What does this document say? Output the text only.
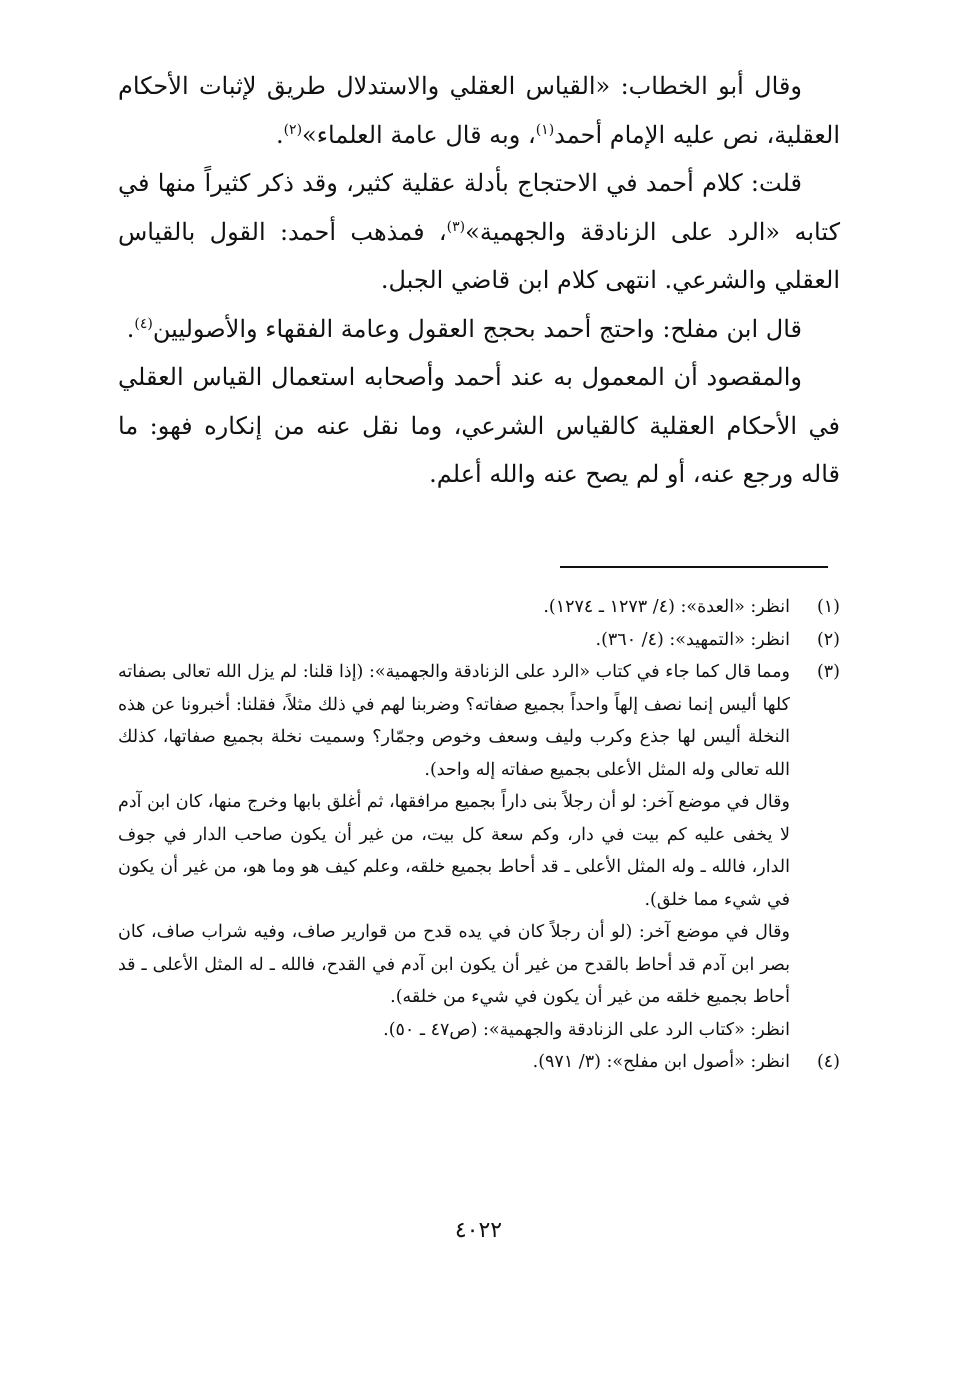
وقال أبو الخطاب: «القياس العقلي والاستدلال طريق لإثبات الأحكام العقلية، نص عليه الإمام أحمد$^{(١)}$، وبه قال عامة العلماء»$^{(٢)}$.

قلت: كلام أحمد في الاحتجاج بأدلة عقلية كثير، وقد ذكر كثيراً منها في كتابه «الرد على الزنادقة والجهمية»$^{(٣)}$، فمذهب أحمد: القول بالقياس العقلي والشرعي. انتهى كلام ابن قاضي الجبل.

قال ابن مفلح: واحتج أحمد بحجج العقول وعامة الفقهاء والأصوليين$^{(٤)}$.

والمقصود أن المعمول به عند أحمد وأصحابه استعمال القياس العقلي في الأحكام العقلية كالقياس الشرعي، وما نقل عنه من إنكاره فهو: ما قاله ورجع عنه، أو لم يصح عنه والله أعلم.

(١)

انظر: «العدة»: (٤/ ١٢٧٣ ـ ١٢٧٤).

(٢)

انظر: «التمهيد»: (٤/ ٣٦٠).

(٣)

ومما قال كما جاء في كتاب «الرد على الزنادقة والجهمية»: (إذا قلنا: لم يزل الله تعالى بصفاته كلها أليس إنما نصف إلهاً واحداً بجميع صفاته؟ وضربنا لهم في ذلك مثلاً، فقلنا: أخبرونا عن هذه النخلة أليس لها جذع وكرب وليف وسعف وخوص وجمّار؟ وسميت نخلة بجميع صفاتها، كذلك الله تعالى وله المثل الأعلى بجميع صفاته إله واحد).

وقال في موضع آخر: لو أن رجلاً بنى داراً بجميع مرافقها، ثم أغلق بابها وخرج منها، كان ابن آدم لا يخفى عليه كم بيت في دار، وكم سعة كل بيت، من غير أن يكون صاحب الدار في جوف الدار، فالله ـ وله المثل الأعلى ـ قد أحاط بجميع خلقه، وعلم كيف هو وما هو، من غير أن يكون في شيء مما خلق).

وقال في موضع آخر: (لو أن رجلاً كان في يده قدح من قوارير صاف، وفيه شراب صاف، كان بصر ابن آدم قد أحاط بالقدح من غير أن يكون ابن آدم في القدح، فالله ـ له المثل الأعلى ـ قد أحاط بجميع خلقه من غير أن يكون في شيء من خلقه).

انظر: «كتاب الرد على الزنادقة والجهمية»: (ص٤٧ ـ ٥٠).

(٤)

انظر: «أصول ابن مفلح»: (٣/ ٩٧١).

٤٠٢٢
